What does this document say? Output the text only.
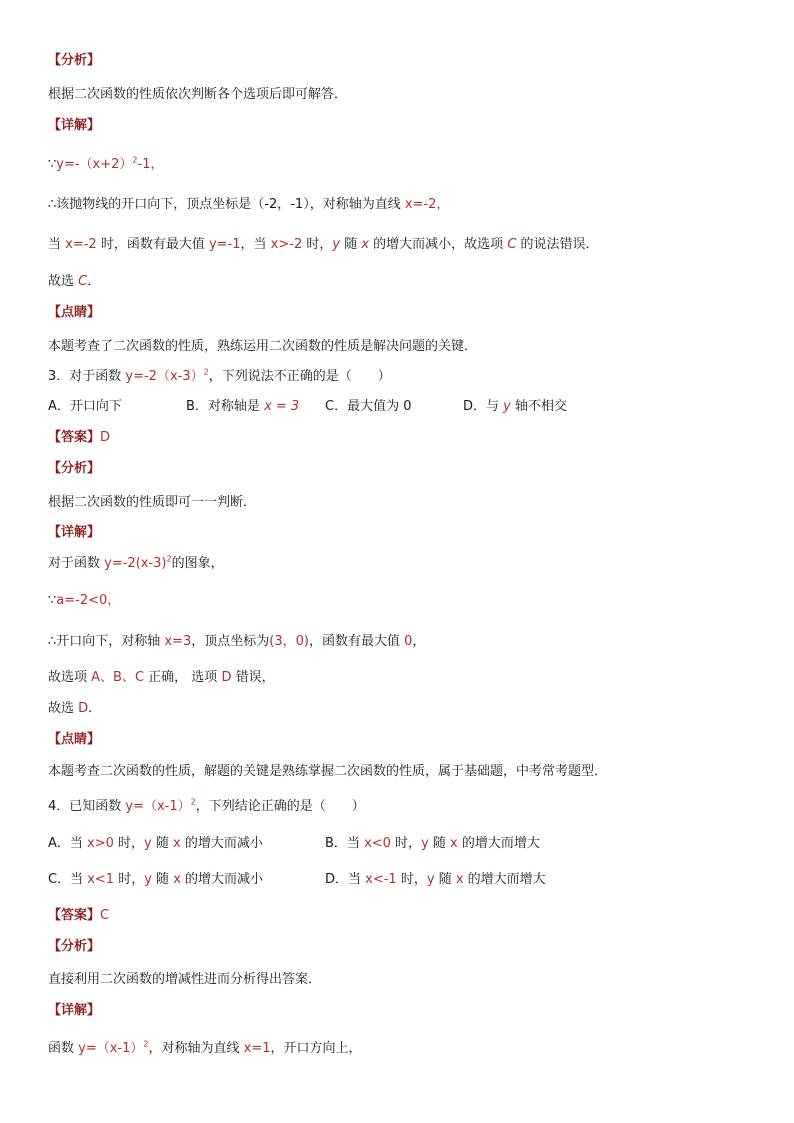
【分析】
根据二次函数的性质依次判断各个选项后即可解答．
【详解】
$\because y=-(x+2)^2-1$，
∴该抛物线的开口向下，顶点坐标是（-2，-1），对称轴为直线 x=-2，
当 x=-2 时，函数有最大值 y=-1，当 x>-2 时，y 随 x 的增大而减小，故选项 C 的说法错误．
故选 C．
【点睛】
本题考查了二次函数的性质，熟练运用二次函数的性质是解决问题的关键．
3．对于函数 $y=-2(x-3)^2$，下列说法不正确的是（　　）
A．开口向下	B．对称轴是 x = 3 C．最大值为 0	D．与 y 轴不相交
【答案】D
【分析】
根据二次函数的性质即可一一判断．
【详解】
对于函数 $y=-2(x-3)^2$的图象，
∵a=-2<0，
∴开口向下，对称轴 x=3，顶点坐标为(3，0)，函数有最大值 0，
故选项 A、B、C 正确， 选项 D 错误，
故选 D．
【点睛】
本题考查二次函数的性质，解题的关键是熟练掌握二次函数的性质，属于基础题，中考常考题型．
4．已知函数 $y=(x-1)^2$，下列结论正确的是（　　）
A．当 x>0 时，y 随 x 的增大而减小	B．当 x<0 时，y 随 x 的增大而增大
C．当 x<1 时，y 随 x 的增大而减小	D．当 x<-1 时，y 随 x 的增大而增大
【答案】C
【分析】
直接利用二次函数的增减性进而分析得出答案．
【详解】
函数 $y=(x-1)^2$，对称轴为直线 x=1，开口方向上，
